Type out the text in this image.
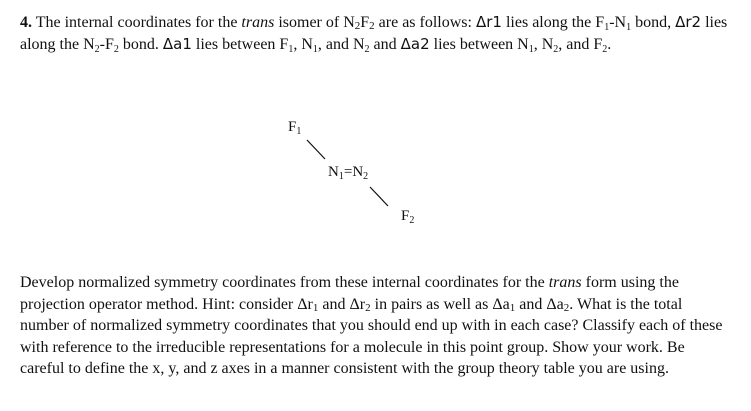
4. The internal coordinates for the trans isomer of $N_2F_2$ are as follows: Δr1 lies along the $F_1-N_1$ bond, Δr2 lies along the $N_2-F_2$ bond. Δa1 lies between $F_1$, $N_1$, and $N_2$ and Δa2 lies between $N_1$, $N_2$, and $F_2$.

$F_1$
$N_1=N_2$
$F_2$

Develop normalized symmetry coordinates from these internal coordinates for the trans form using the projection operator method. Hint: consider $\Delta r_1$ and $\Delta r_2$ in pairs as well as $\Delta a_1$ and $\Delta a_2$. What is the total number of normalized symmetry coordinates that you should end up with in each case? Classify each of these with reference to the irreducible representations for a molecule in this point group. Show your work. Be careful to define the x, y, and z axes in a manner consistent with the group theory table you are using.
